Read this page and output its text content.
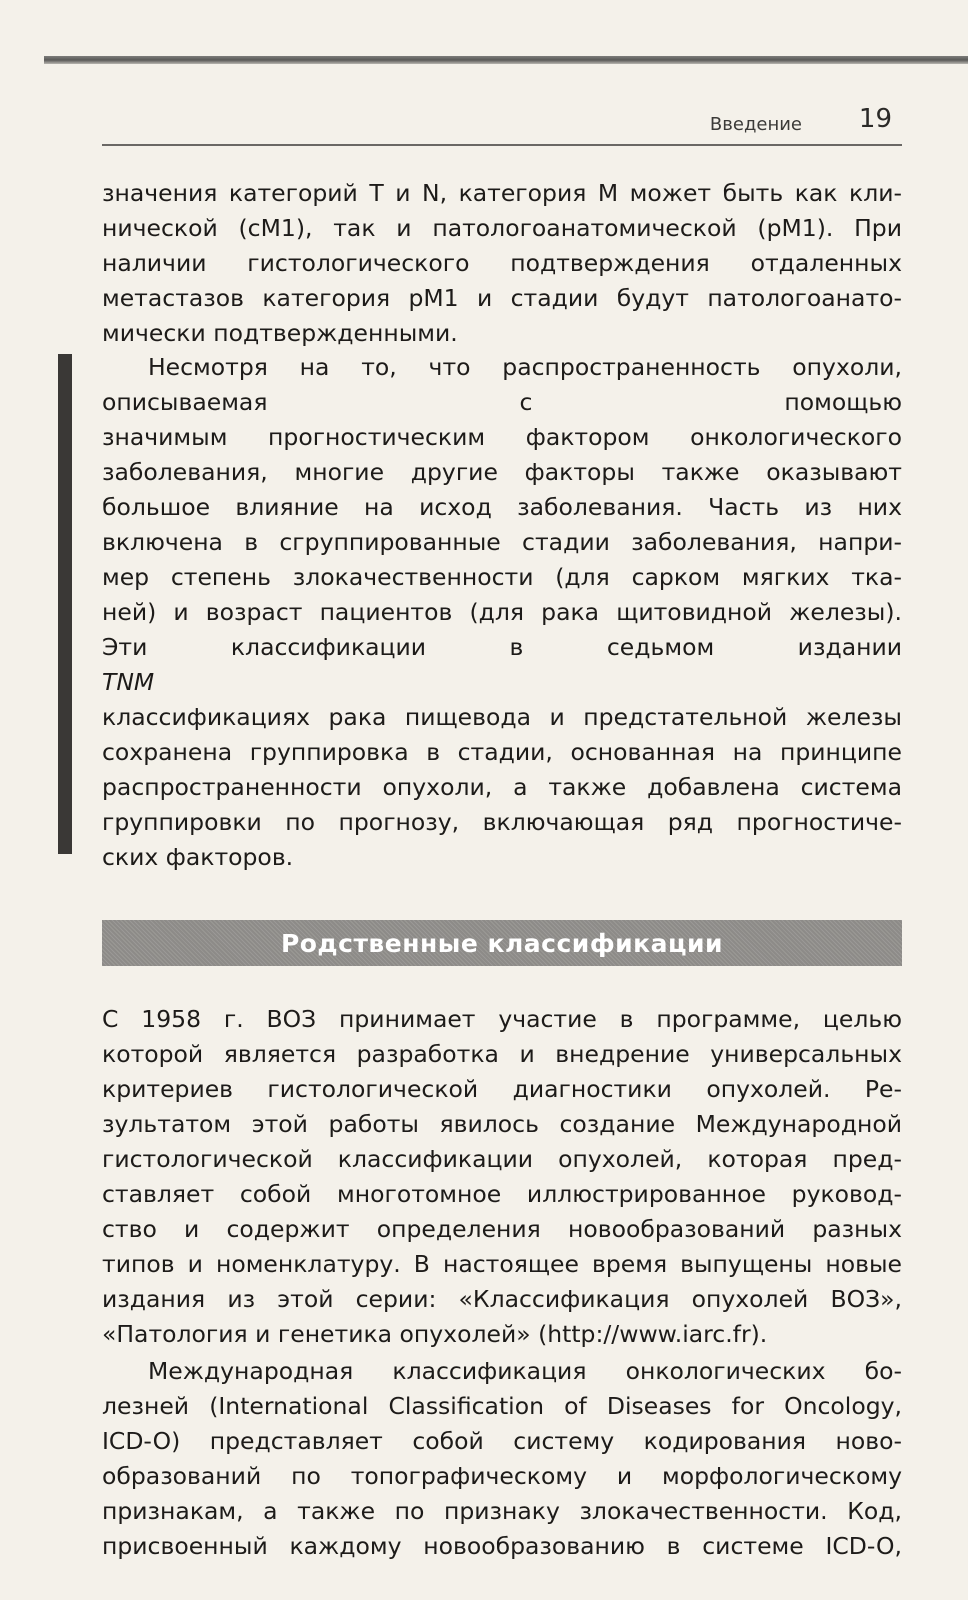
Введение 19
значения категорий T и N, категория M может быть как кли-
нической (cM1), так и патологоанатомической (pM1). При
наличии гистологического подтверждения отдаленных
метастазов категория pM1 и стадии будут патологоанато-
мически подтвержденными.
Несмотря на то, что распространенность опухоли,
описываемая с помощью
значимым прогностическим фактором онкологического
заболевания, многие другие факторы также оказывают
большое влияние на исход заболевания. Часть из них
включена в сгруппированные стадии заболевания, напри-
мер степень злокачественности (для сарком мягких тка-
ней) и возраст пациентов (для рака щитовидной железы).
Эти классификации в седьмом издании
TNM
классификациях рака пищевода и предстательной железы
сохранена группировка в стадии, основанная на принципе
распространенности опухоли, а также добавлена система
группировки по прогнозу, включающая ряд прогностиче-
ских факторов.
Родственные классификации
С 1958 г. ВОЗ принимает участие в программе, целью
которой является разработка и внедрение универсальных
критериев гистологической диагностики опухолей. Ре-
зультатом этой работы явилось создание Международной
гистологической классификации опухолей, которая пред-
ставляет собой многотомное иллюстрированное руковод-
ство и содержит определения новообразований разных
типов и номенклатуру. В настоящее время выпущены новые
издания из этой серии: «Классификация опухолей ВОЗ»,
«Патология и генетика опухолей» (http://www.iarc.fr).
Международная классификация онкологических бо-
лезней (International Classification of Diseases for Oncology,
ICD-O) представляет собой систему кодирования ново-
образований по топографическому и морфологическому
признакам, а также по признаку злокачественности. Код,
присвоенный каждому новообразованию в системе ICD-O,
